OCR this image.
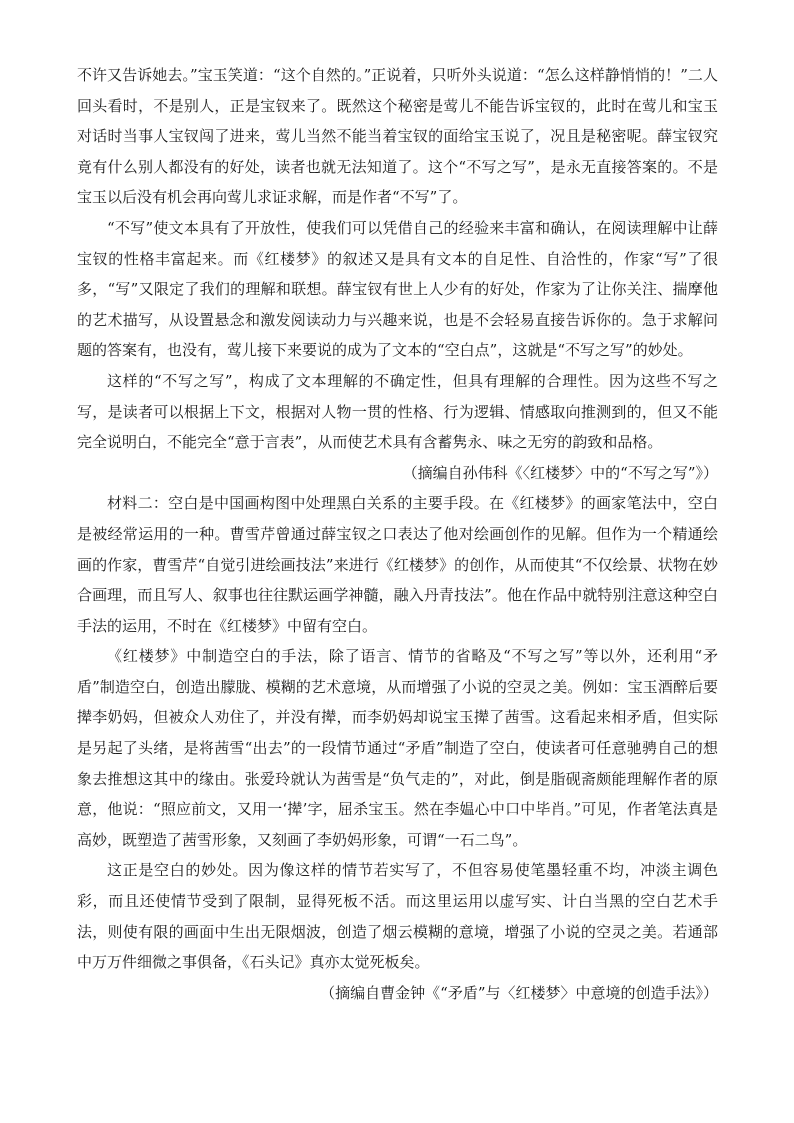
不许又告诉她去。”宝玉笑道：“这个自然的。”正说着，只听外头说道：“怎么这样静悄悄的！”二人回头看时，不是别人，正是宝钗来了。既然这个秘密是莺儿不能告诉宝钗的，此时在莺儿和宝玉对话时当事人宝钗闯了进来，莺儿当然不能当着宝钗的面给宝玉说了，况且是秘密呢。薛宝钗究竟有什么别人都没有的好处，读者也就无法知道了。这个“不写之写”，是永无直接答案的。不是宝玉以后没有机会再向莺儿求证求解，而是作者“不写”了。

“不写”使文本具有了开放性，使我们可以凭借自己的经验来丰富和确认，在阅读理解中让薛宝钗的性格丰富起来。而《红楼梦》的叙述又是具有文本的自足性、自洽性的，作家“写”了很多，“写”又限定了我们的理解和联想。薛宝钗有世上人少有的好处，作家为了让你关注、揣摩他的艺术描写，从设置悬念和激发阅读动力与兴趣来说，也是不会轻易直接告诉你的。急于求解问题的答案有，也没有，莺儿接下来要说的成为了文本的“空白点”，这就是“不写之写”的妙处。

这样的“不写之写”，构成了文本理解的不确定性，但具有理解的合理性。因为这些不写之写，是读者可以根据上下文，根据对人物一贯的性格、行为逻辑、情感取向推测到的，但又不能完全说明白，不能完全“意于言表”，从而使艺术具有含蓄隽永、味之无穷的韵致和品格。

（摘编自孙伟科《〈红楼梦〉中的“不写之写”》）

材料二：空白是中国画构图中处理黑白关系的主要手段。在《红楼梦》的画家笔法中，空白是被经常运用的一种。曹雪芹曾通过薛宝钗之口表达了他对绘画创作的见解。但作为一个精通绘画的作家，曹雪芹“自觉引进绘画技法”来进行《红楼梦》的创作，从而使其“不仅绘景、状物在妙合画理，而且写人、叙事也往往默运画学神髓，融入丹青技法”。他在作品中就特别注意这种空白手法的运用，不时在《红楼梦》中留有空白。

《红楼梦》中制造空白的手法，除了语言、情节的省略及“不写之写”等以外，还利用“矛盾”制造空白，创造出朦胧、模糊的艺术意境，从而增强了小说的空灵之美。例如：宝玉酒醉后要撵李奶妈，但被众人劝住了，并没有撵，而李奶妈却说宝玉撵了茜雪。这看起来相矛盾，但实际是另起了头绪，是将茜雪“出去”的一段情节通过“矛盾”制造了空白，使读者可任意驰骋自己的想象去推想这其中的缘由。张爱玲就认为茜雪是“负气走的”，对此，倒是脂砚斋颇能理解作者的原意，他说：“照应前文，又用一‘撵’字，屈杀宝玉。然在李媪心中口中毕肖。”可见，作者笔法真是高妙，既塑造了茜雪形象，又刻画了李奶妈形象，可谓“一石二鸟”。

这正是空白的妙处。因为像这样的情节若实写了，不但容易使笔墨轻重不均，冲淡主调色彩，而且还使情节受到了限制，显得死板不活。而这里运用以虚写实、计白当黑的空白艺术手法，则使有限的画面中生出无限烟波，创造了烟云模糊的意境，增强了小说的空灵之美。若通部中万万件细微之事俱备，《石头记》真亦太觉死板矣。

（摘编自曹金钟《“矛盾”与〈红楼梦〉中意境的创造手法》）
